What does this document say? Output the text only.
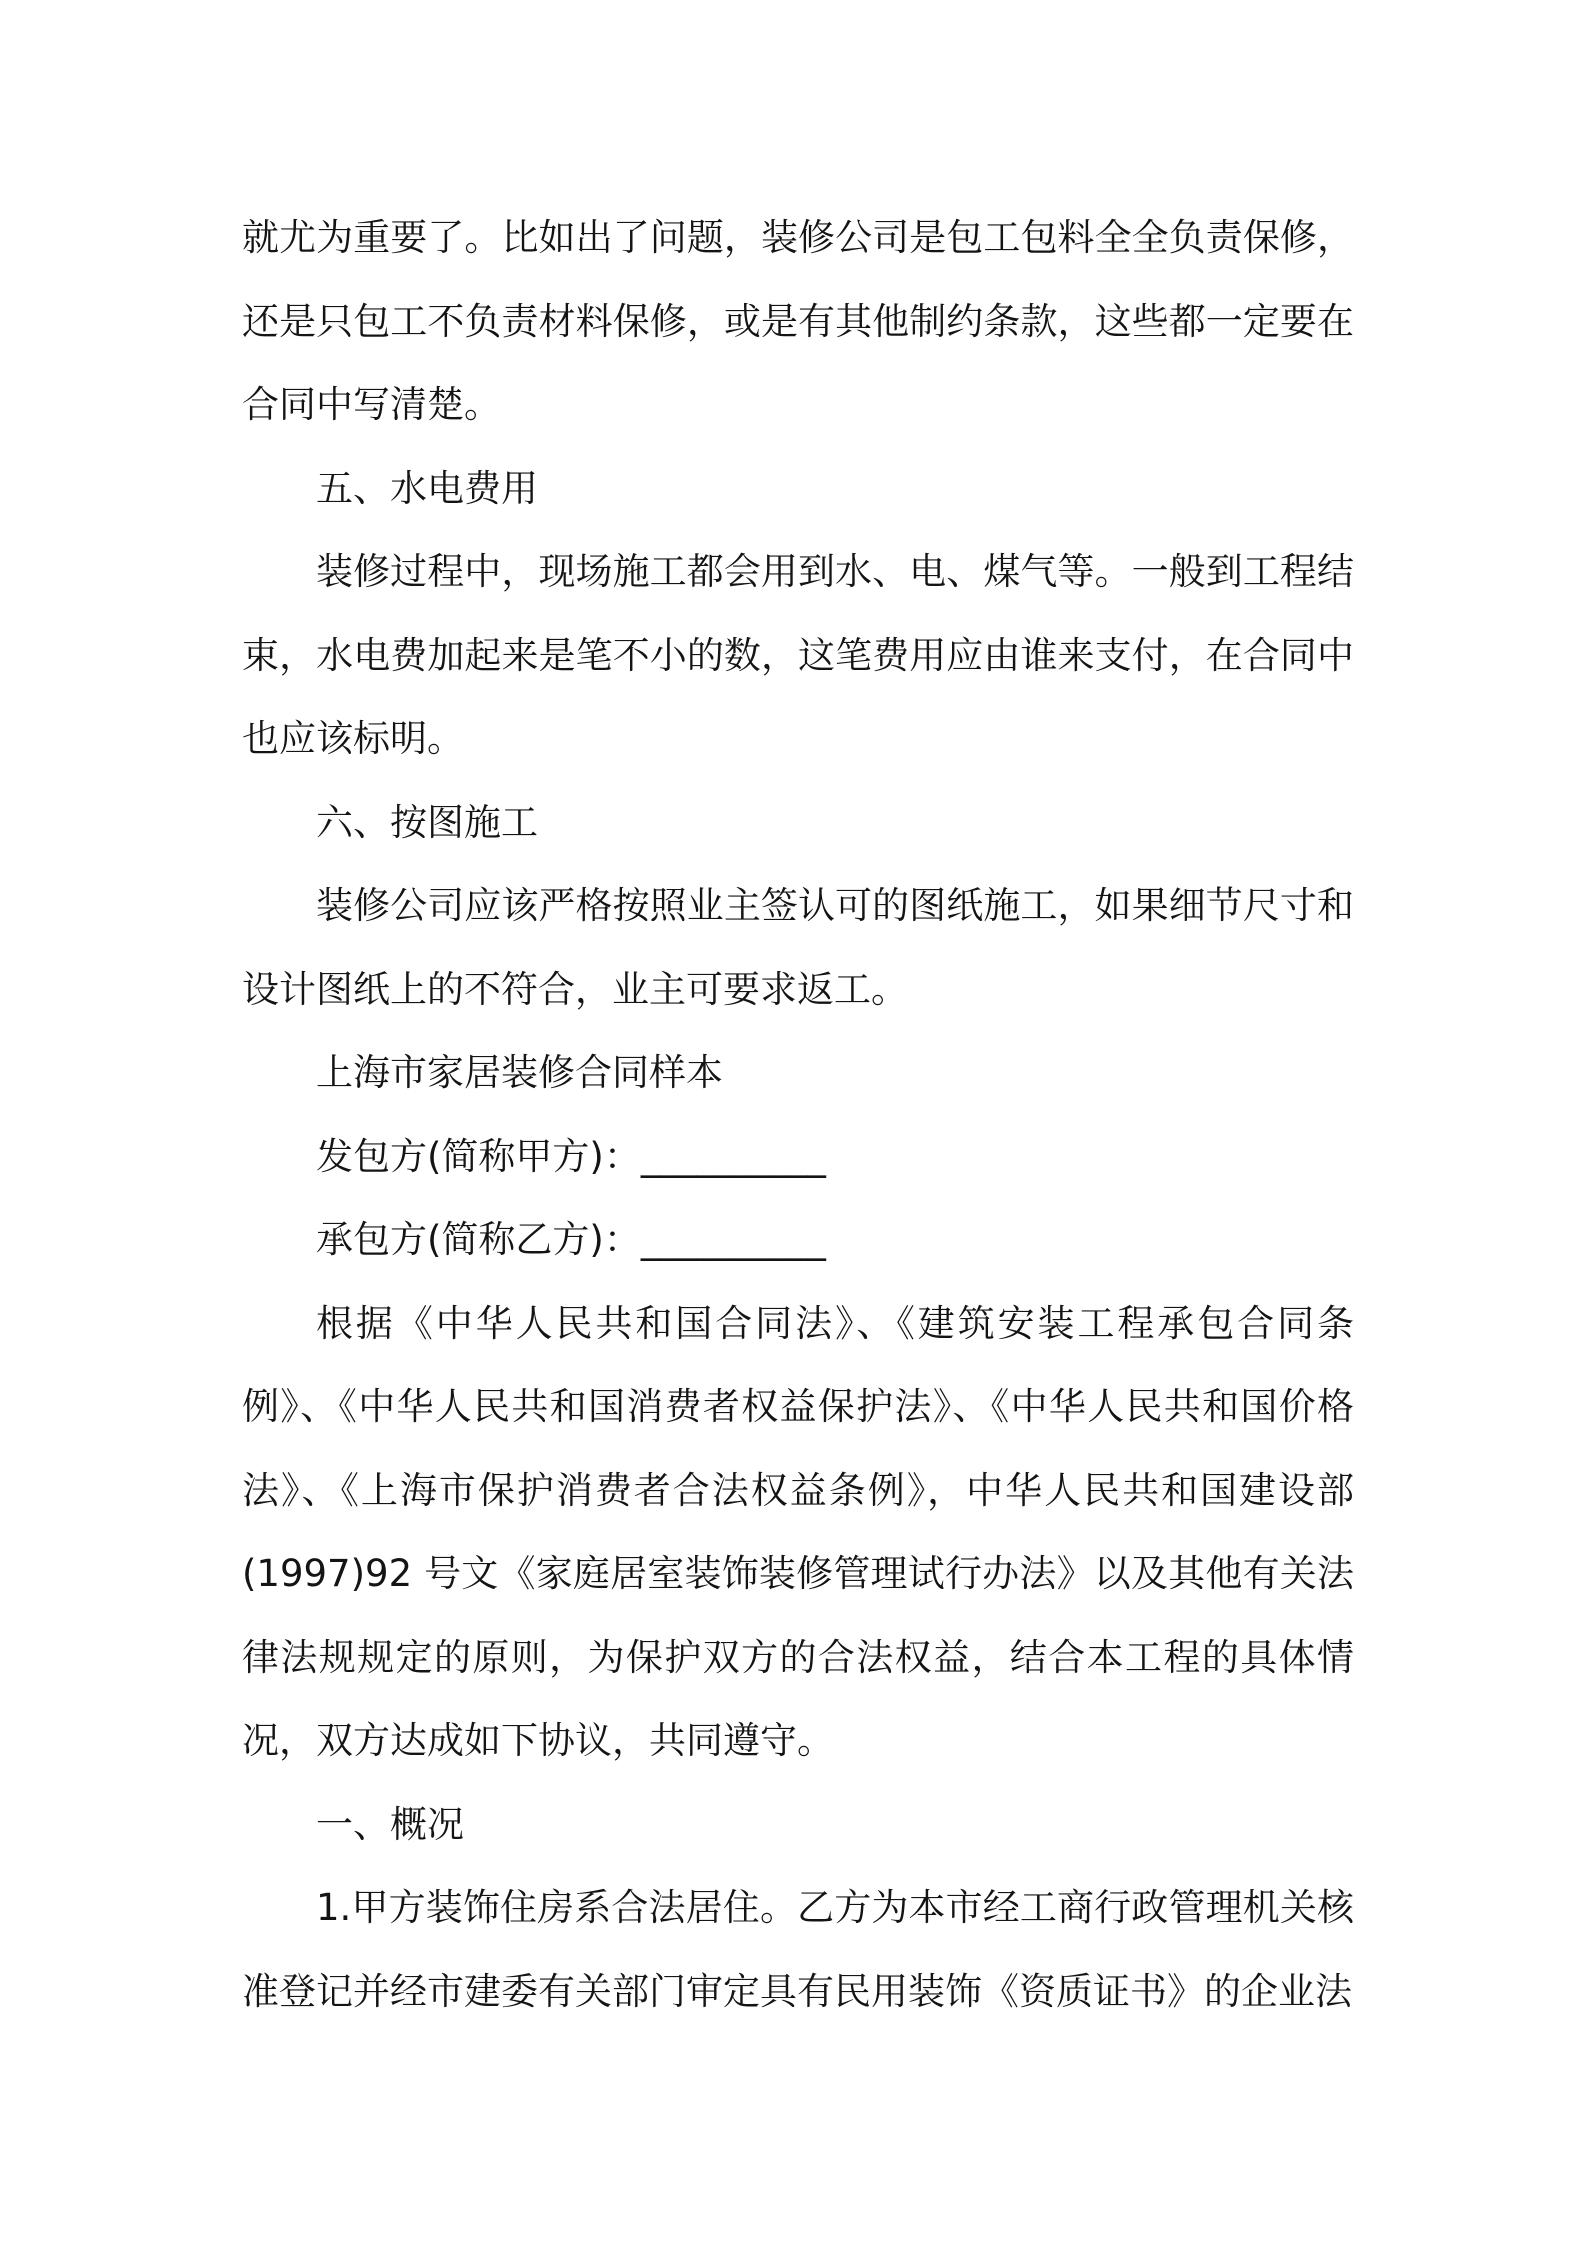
就尤为重要了。比如出了问题，装修公司是包工包料全全负责保修，还是只包工不负责材料保修，或是有其他制约条款，这些都一定要在合同中写清楚。

五、水电费用

装修过程中，现场施工都会用到水、电、煤气等。一般到工程结束，水电费加起来是笔不小的数，这笔费用应由谁来支付，在合同中也应该标明。

六、按图施工

装修公司应该严格按照业主签认可的图纸施工，如果细节尺寸和设计图纸上的不符合，业主可要求返工。

上海市家居装修合同样本

发包方(简称甲方)：__________

承包方(简称乙方)：__________

根据《中华人民共和国合同法》、《建筑安装工程承包合同条例》、《中华人民共和国消费者权益保护法》、《中华人民共和国价格法》、《上海市保护消费者合法权益条例》，中华人民共和国建设部(1997)92 号文《家庭居室装饰装修管理试行办法》以及其他有关法律法规规定的原则，为保护双方的合法权益，结合本工程的具体情况，双方达成如下协议，共同遵守。

一、概况

1.甲方装饰住房系合法居住。乙方为本市经工商行政管理机关核准登记并经市建委有关部门审定具有民用装饰《资质证书》的企业法
